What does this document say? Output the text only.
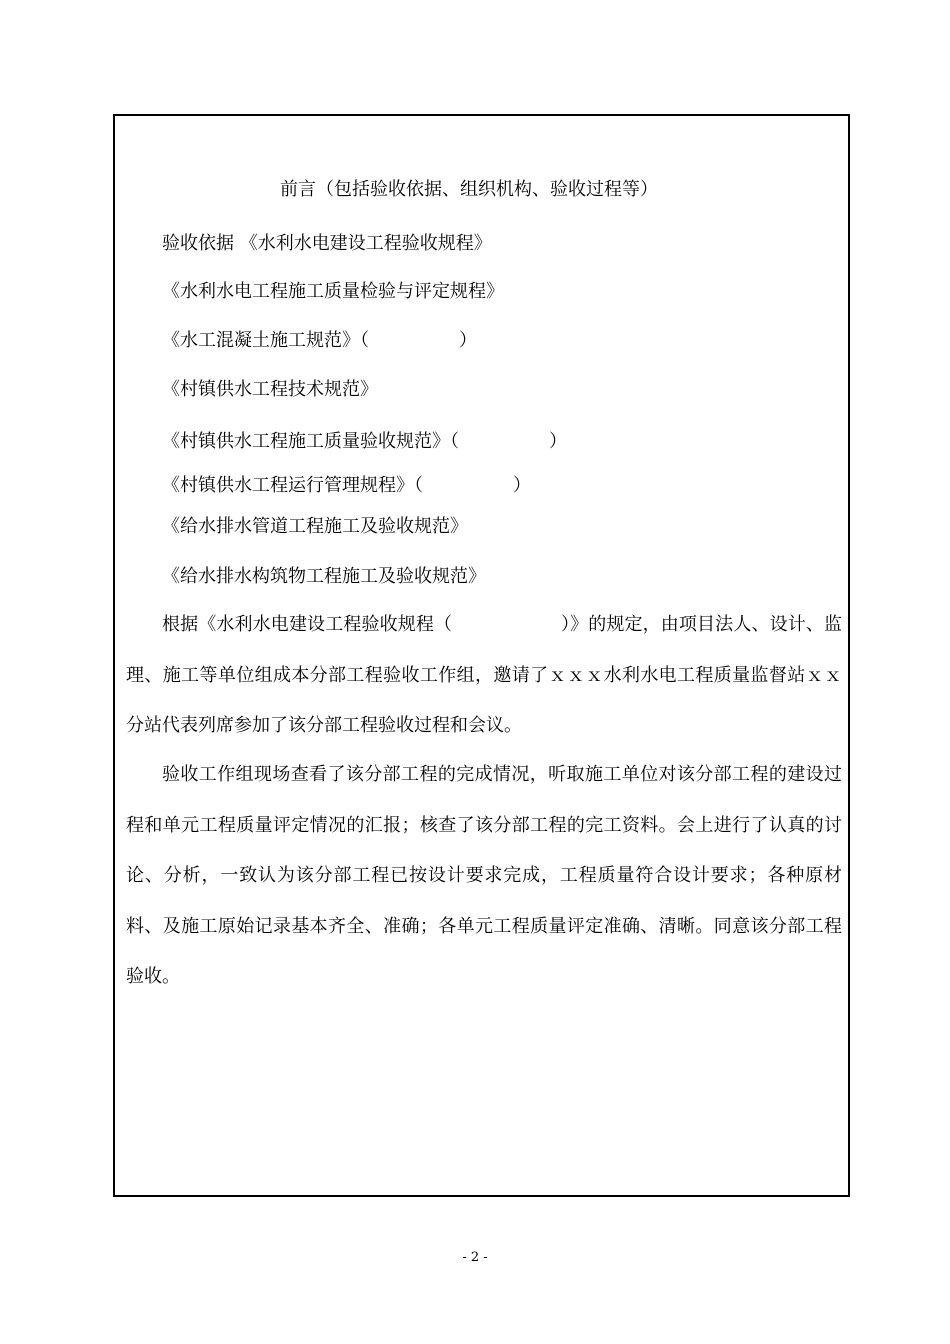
前言（包括验收依据、组织机构、验收过程等）

验收依据 《水利水电建设工程验收规程》

《水利水电工程施工质量检验与评定规程》

《水工混凝土施工规范》（　　　　　）

《村镇供水工程技术规范》

《村镇供水工程施工质量验收规范》（　　　　　）

《村镇供水工程运行管理规程》（　　　　　）

《给水排水管道工程施工及验收规范》

《给水排水构筑物工程施工及验收规范》

根据《水利水电建设工程验收规程（　　　　　　）》的规定，由项目法人、设计、监理、施工等单位组成本分部工程验收工作组，邀请了ｘｘｘ水利水电工程质量监督站ｘｘ分站代表列席参加了该分部工程验收过程和会议。

验收工作组现场查看了该分部工程的完成情况，听取施工单位对该分部工程的建设过程和单元工程质量评定情况的汇报；核查了该分部工程的完工资料。会上进行了认真的讨论、分析，一致认为该分部工程已按设计要求完成，工程质量符合设计要求；各种原材料、及施工原始记录基本齐全、准确；各单元工程质量评定准确、清晰。同意该分部工程验收。

- 2 -
